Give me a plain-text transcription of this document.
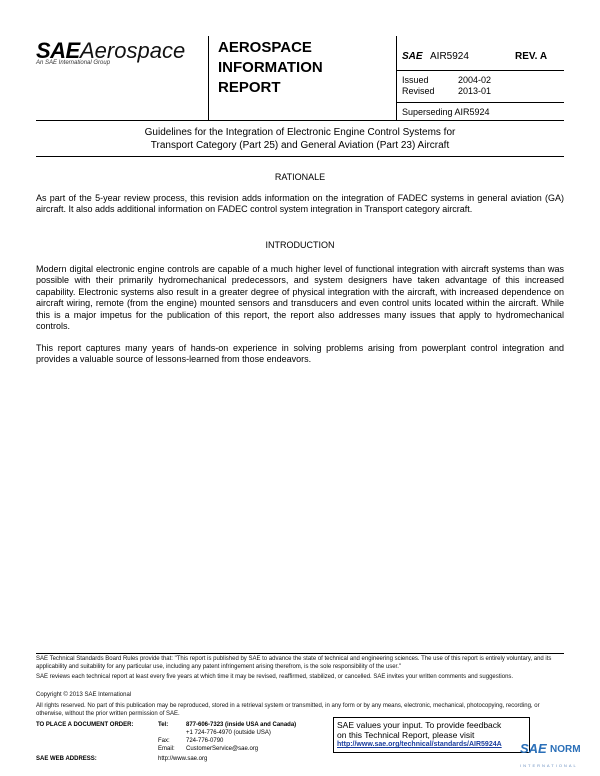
SAE Aerospace
An SAE International Group
AEROSPACE
INFORMATION
REPORT
SAE AIR5924	REV. A
Issued	2004-02
Revised	2013-01
Superseding AIR5924
Guidelines for the Integration of Electronic Engine Control Systems for
Transport Category (Part 25) and General Aviation (Part 23) Aircraft
RATIONALE
As part of the 5-year review process, this revision adds information on the integration of FADEC systems in general aviation (GA) aircraft. It also adds additional information on FADEC control system integration in Transport category aircraft.
INTRODUCTION
Modern digital electronic engine controls are capable of a much higher level of functional integration with aircraft systems than was possible with their primarily hydromechanical predecessors, and system designers have taken advantage of this increased capability. Electronic systems also result in a greater degree of physical integration with the aircraft, with increased dependence on aircraft wiring, remote (from the engine) mounted sensors and transducers and even control units located within the aircraft. While this is a major impetus for the publication of this report, the report also addresses many issues that apply to hydromechanical controls.
This report captures many years of hands-on experience in solving problems arising from powerplant control integration and provides a valuable source of lessons-learned from those endeavors.
SAE Technical Standards Board Rules provide that: "This report is published by SAE to advance the state of technical and engineering sciences. The use of this report is entirely voluntary, and its applicability and suitability for any particular use, including any patent infringement arising therefrom, is the sole responsibility of the user."
SAE reviews each technical report at least every five years at which time it may be revised, reaffirmed, stabilized, or cancelled. SAE invites your written comments and suggestions.
Copyright © 2013 SAE International
All rights reserved. No part of this publication may be reproduced, stored in a retrieval system or transmitted, in any form or by any means, electronic, mechanical, photocopying, recording, or otherwise, without the prior written permission of SAE.
TO PLACE A DOCUMENT ORDER:	Tel:	877-606-7323 (inside USA and Canada)
+1 724-776-4970 (outside USA)
Fax:	724-776-0790
Email: CustomerService@sae.org
SAE WEB ADDRESS:	http://www.sae.org
SAE values your input. To provide feedback
on this Technical Report, please visit
http://www.sae.org/technical/standards/AIR5924A	SAE NORM
INTERNATIONAL
